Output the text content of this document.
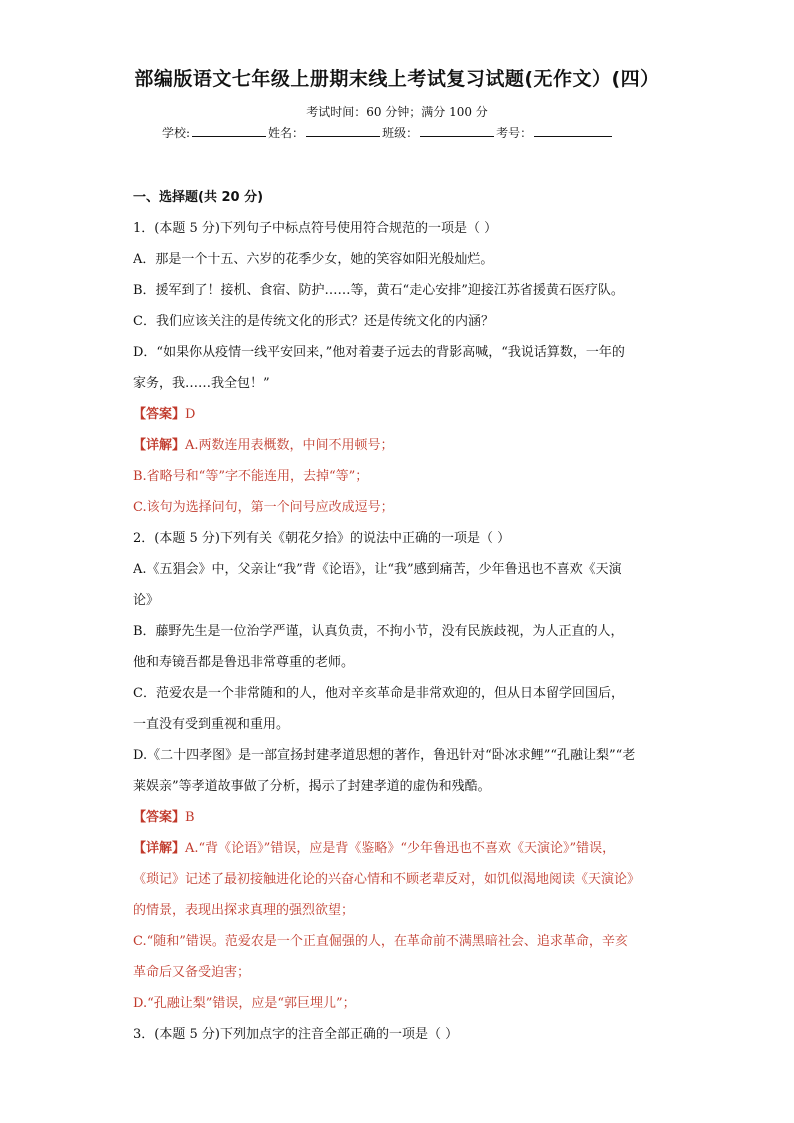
部编版语文七年级上册期末线上考试复习试题(无作文）(四）
考试时间：60 分钟；满分 100 分
学校:	姓名：	班级：	考号：
一、选择题(共 20 分)
1．(本题 5 分)下列句子中标点符号使用符合规范的一项是（ ）
A．那是一个十五、六岁的花季少女，她的笑容如阳光般灿烂。
B．援军到了！接机、食宿、防护……等，黄石“走心安排”迎接江苏省援黄石医疗队。
C．我们应该关注的是传统文化的形式？还是传统文化的内涵？
D．“如果你从疫情一线平安回来，”他对着妻子远去的背影高喊，“我说话算数，一年的
家务，我……我全包！”
【答案】D
【详解】A.两数连用表概数，中间不用顿号；
B.省略号和“等”字不能连用，去掉“等”；
C.该句为选择问句，第一个问号应改成逗号；
2．(本题 5 分)下列有关《朝花夕拾》的说法中正确的一项是（ ）
A.《五猖会》中，父亲让“我”背《论语》，让“我”感到痛苦，少年鲁迅也不喜欢《天演
论》
B．藤野先生是一位治学严谨，认真负责，不拘小节，没有民族歧视，为人正直的人，
他和寿镜吾都是鲁迅非常尊重的老师。
C．范爱农是一个非常随和的人，他对辛亥革命是非常欢迎的，但从日本留学回国后，
一直没有受到重视和重用。
D.《二十四孝图》是一部宣扬封建孝道思想的著作，鲁迅针对“卧冰求鲤”“孔融让梨”“老
莱娱亲”等孝道故事做了分析，揭示了封建孝道的虚伪和残酷。
【答案】B
【详解】A.“背《论语》”错误，应是背《鉴略》“少年鲁迅也不喜欢《天演论》”错误，
《琐记》记述了最初接触进化论的兴奋心情和不顾老辈反对，如饥似渴地阅读《天演论》
的情景，表现出探求真理的强烈欲望；
C.“随和”错误。范爱农是一个正直倔强的人，在革命前不满黑暗社会、追求革命，辛亥
革命后又备受迫害；
D.“孔融让梨”错误，应是“郭巨埋儿”；
3．(本题 5 分)下列加点字的注音全部正确的一项是（ ）
